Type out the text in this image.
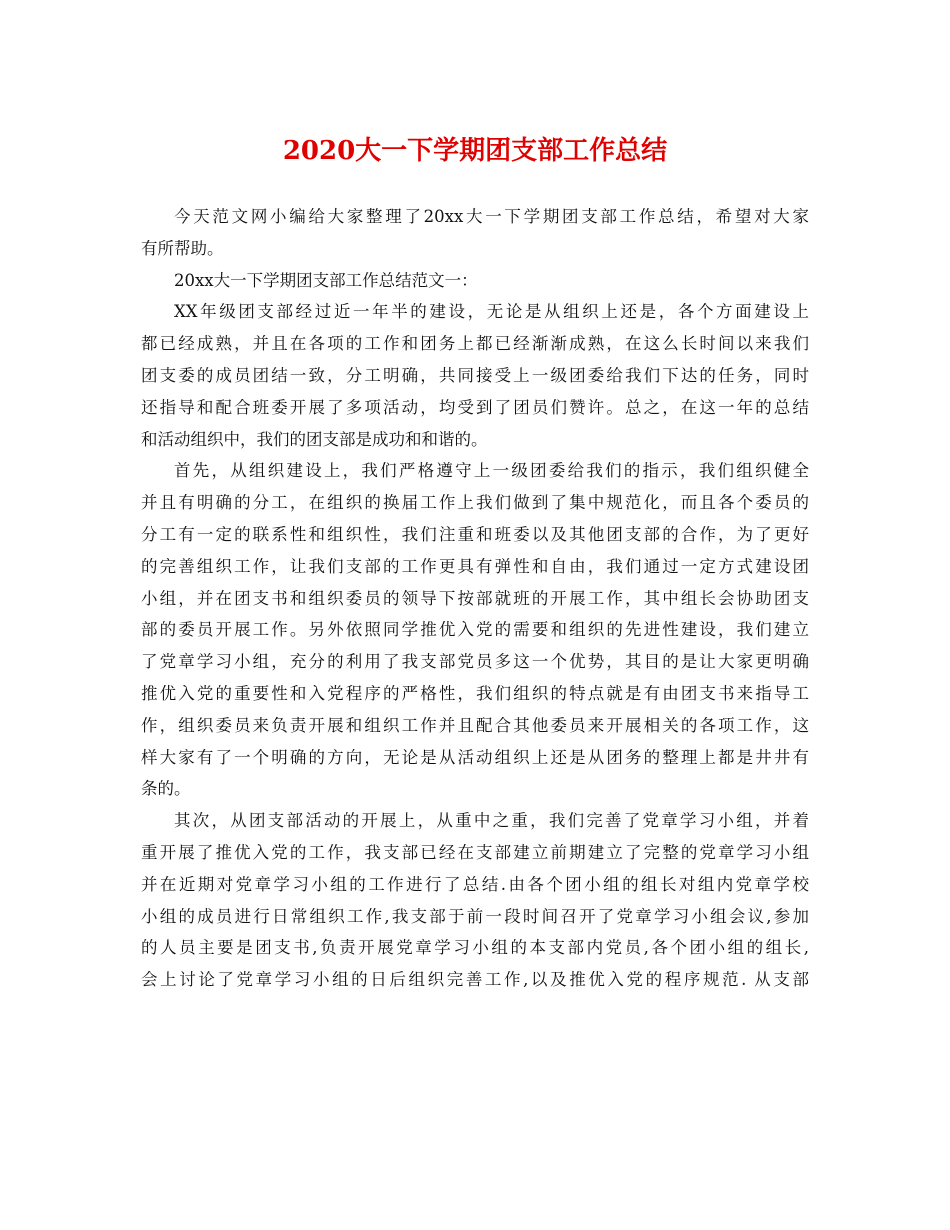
2020大一下学期团支部工作总结
今天范文网小编给大家整理了20xx大一下学期团支部工作总结，希望对大家
有所帮助。
20xx大一下学期团支部工作总结范文一：
XX年级团支部经过近一年半的建设，无论是从组织上还是，各个方面建设上
都已经成熟，并且在各项的工作和团务上都已经渐渐成熟，在这么长时间以来我们
团支委的成员团结一致，分工明确，共同接受上一级团委给我们下达的任务，同时
还指导和配合班委开展了多项活动，均受到了团员们赞许。总之，在这一年的总结
和活动组织中，我们的团支部是成功和和谐的。
首先，从组织建设上，我们严格遵守上一级团委给我们的指示，我们组织健全
并且有明确的分工，在组织的换届工作上我们做到了集中规范化，而且各个委员的
分工有一定的联系性和组织性，我们注重和班委以及其他团支部的合作，为了更好
的完善组织工作，让我们支部的工作更具有弹性和自由，我们通过一定方式建设团
小组，并在团支书和组织委员的领导下按部就班的开展工作，其中组长会协助团支
部的委员开展工作。另外依照同学推优入党的需要和组织的先进性建设，我们建立
了党章学习小组，充分的利用了我支部党员多这一个优势，其目的是让大家更明确
推优入党的重要性和入党程序的严格性，我们组织的特点就是有由团支书来指导工
作，组织委员来负责开展和组织工作并且配合其他委员来开展相关的各项工作，这
样大家有了一个明确的方向，无论是从活动组织上还是从团务的整理上都是井井有
条的。
其次，从团支部活动的开展上，从重中之重，我们完善了党章学习小组，并着
重开展了推优入党的工作，我支部已经在支部建立前期建立了完整的党章学习小组
并在近期对党章学习小组的工作进行了总结.由各个团小组的组长对组内党章学校
小组的成员进行日常组织工作,我支部于前一段时间召开了党章学习小组会议,参加
的人员主要是团支书,负责开展党章学习小组的本支部内党员,各个团小组的组长,
会上讨论了党章学习小组的日后组织完善工作,以及推优入党的程序规范. 从支部
